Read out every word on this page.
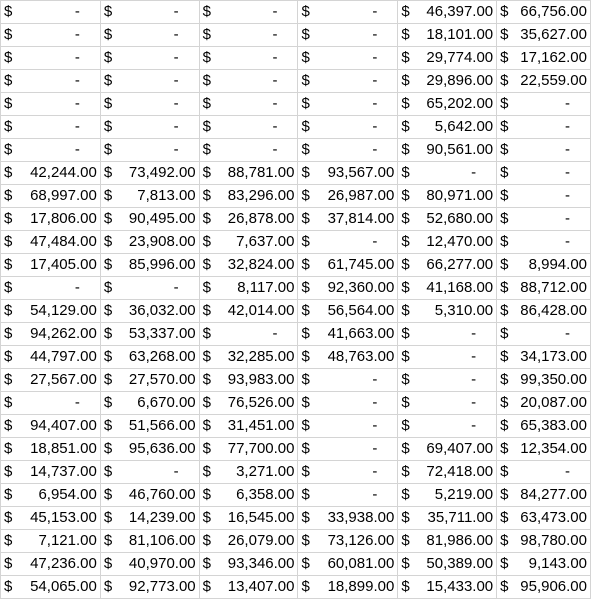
$ -	$ -	$ -	$ -	$ 46,397.00	$ 66,756.00

$ -	$ -	$ -	$ -	$ 18,101.00	$ 35,627.00

$ -	$ -	$ -	$ -	$ 29,774.00	$ 17,162.00

$ -	$ -	$ -	$ -	$ 29,896.00	$ 22,559.00

$ -	$ -	$ -	$ -	$ 65,202.00	$ -

$ -	$ -	$ -	$ -	$ 5,642.00	$ -

$ -	$ -	$ -	$ -	$ 90,561.00	$ -

$ 42,244.00	$ 73,492.00	$ 88,781.00	$ 93,567.00	$ -	$ -

$ 68,997.00	$ 7,813.00	$ 83,296.00	$ 26,987.00	$ 80,971.00	$ -

$ 17,806.00	$ 90,495.00	$ 26,878.00	$ 37,814.00	$ 52,680.00	$ -

$ 47,484.00	$ 23,908.00	$ 7,637.00	$ -	$ 12,470.00	$ -

$ 17,405.00	$ 85,996.00	$ 32,824.00	$ 61,745.00	$ 66,277.00	$ 8,994.00

$ -	$ -	$ 8,117.00	$ 92,360.00	$ 41,168.00	$ 88,712.00

$ 54,129.00	$ 36,032.00	$ 42,014.00	$ 56,564.00	$ 5,310.00	$ 86,428.00

$ 94,262.00	$ 53,337.00	$ -	$ 41,663.00	$ -	$ -

$ 44,797.00	$ 63,268.00	$ 32,285.00	$ 48,763.00	$ -	$ 34,173.00

$ 27,567.00	$ 27,570.00	$ 93,983.00	$ -	$ -	$ 99,350.00

$ -	$ 6,670.00	$ 76,526.00	$ -	$ -	$ 20,087.00

$ 94,407.00	$ 51,566.00	$ 31,451.00	$ -	$ -	$ 65,383.00

$ 18,851.00	$ 95,636.00	$ 77,700.00	$ -	$ 69,407.00	$ 12,354.00

$ 14,737.00	$ -	$ 3,271.00	$ -	$ 72,418.00	$ -

$ 6,954.00	$ 46,760.00	$ 6,358.00	$ -	$ 5,219.00	$ 84,277.00

$ 45,153.00	$ 14,239.00	$ 16,545.00	$ 33,938.00	$ 35,711.00	$ 63,473.00

$ 7,121.00	$ 81,106.00	$ 26,079.00	$ 73,126.00	$ 81,986.00	$ 98,780.00

$ 47,236.00	$ 40,970.00	$ 93,346.00	$ 60,081.00	$ 50,389.00	$ 9,143.00

$ 54,065.00	$ 92,773.00	$ 13,407.00	$ 18,899.00	$ 15,433.00	$ 95,906.00
